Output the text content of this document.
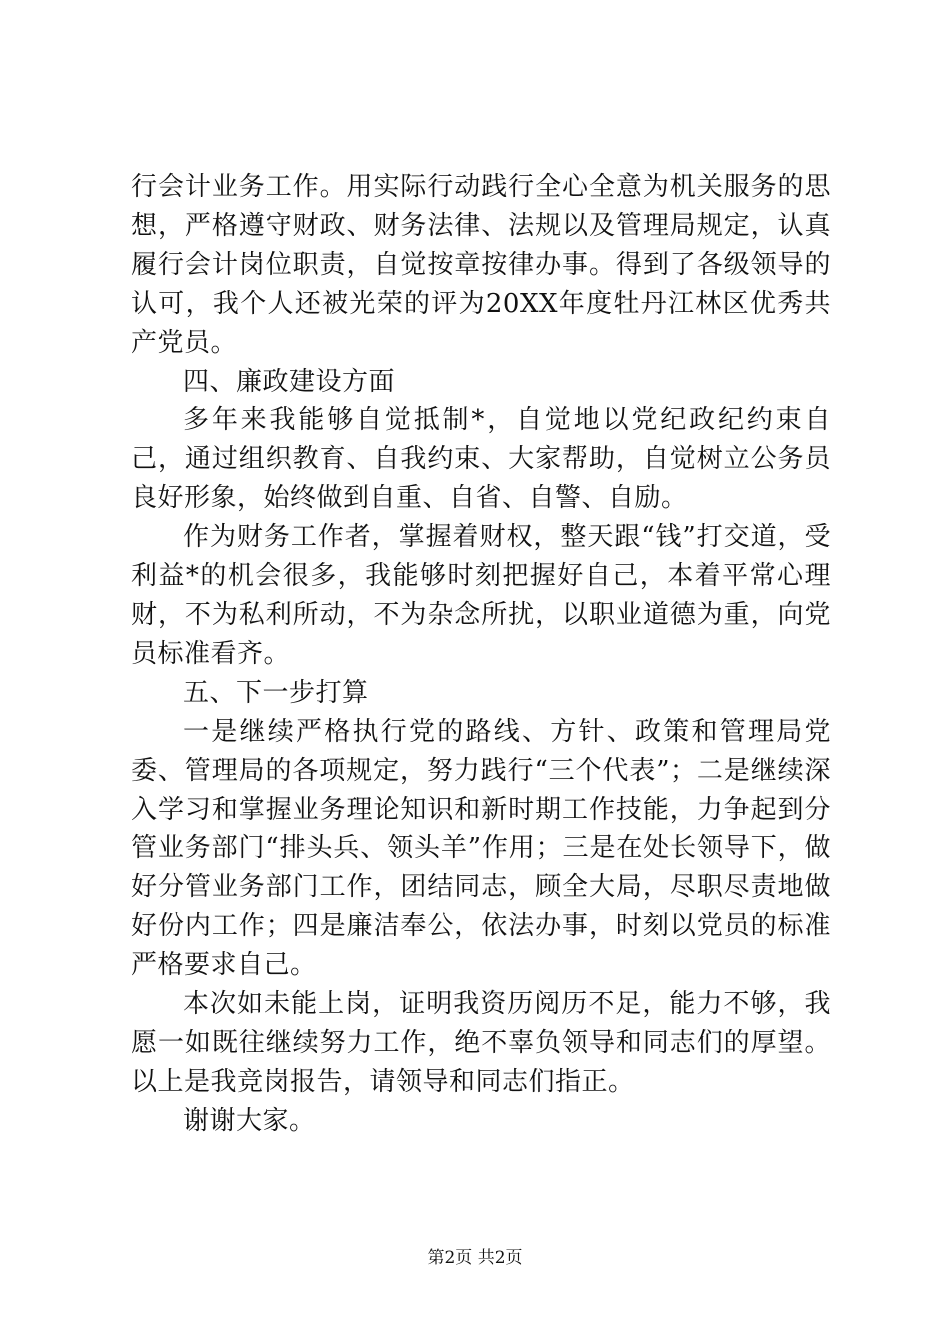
行会计业务工作。用实际行动践行全心全意为机关服务的思想，严格遵守财政、财务法律、法规以及管理局规定，认真履行会计岗位职责，自觉按章按律办事。得到了各级领导的认可，我个人还被光荣的评为20XX年度牡丹江林区优秀共产党员。

四、廉政建设方面

多年来我能够自觉抵制*，自觉地以党纪政纪约束自己，通过组织教育、自我约束、大家帮助，自觉树立公务员良好形象，始终做到自重、自省、自警、自励。

作为财务工作者，掌握着财权，整天跟“钱”打交道，受利益*的机会很多，我能够时刻把握好自己，本着平常心理财，不为私利所动，不为杂念所扰，以职业道德为重，向党员标准看齐。

五、下一步打算

一是继续严格执行党的路线、方针、政策和管理局党委、管理局的各项规定，努力践行“三个代表”；二是继续深入学习和掌握业务理论知识和新时期工作技能，力争起到分管业务部门“排头兵、领头羊”作用；三是在处长领导下，做好分管业务部门工作，团结同志，顾全大局，尽职尽责地做好份内工作；四是廉洁奉公，依法办事，时刻以党员的标准严格要求自己。

本次如未能上岗，证明我资历阅历不足，能力不够，我愿一如既往继续努力工作，绝不辜负领导和同志们的厚望。以上是我竞岗报告，请领导和同志们指正。

谢谢大家。

第2页 共2页
